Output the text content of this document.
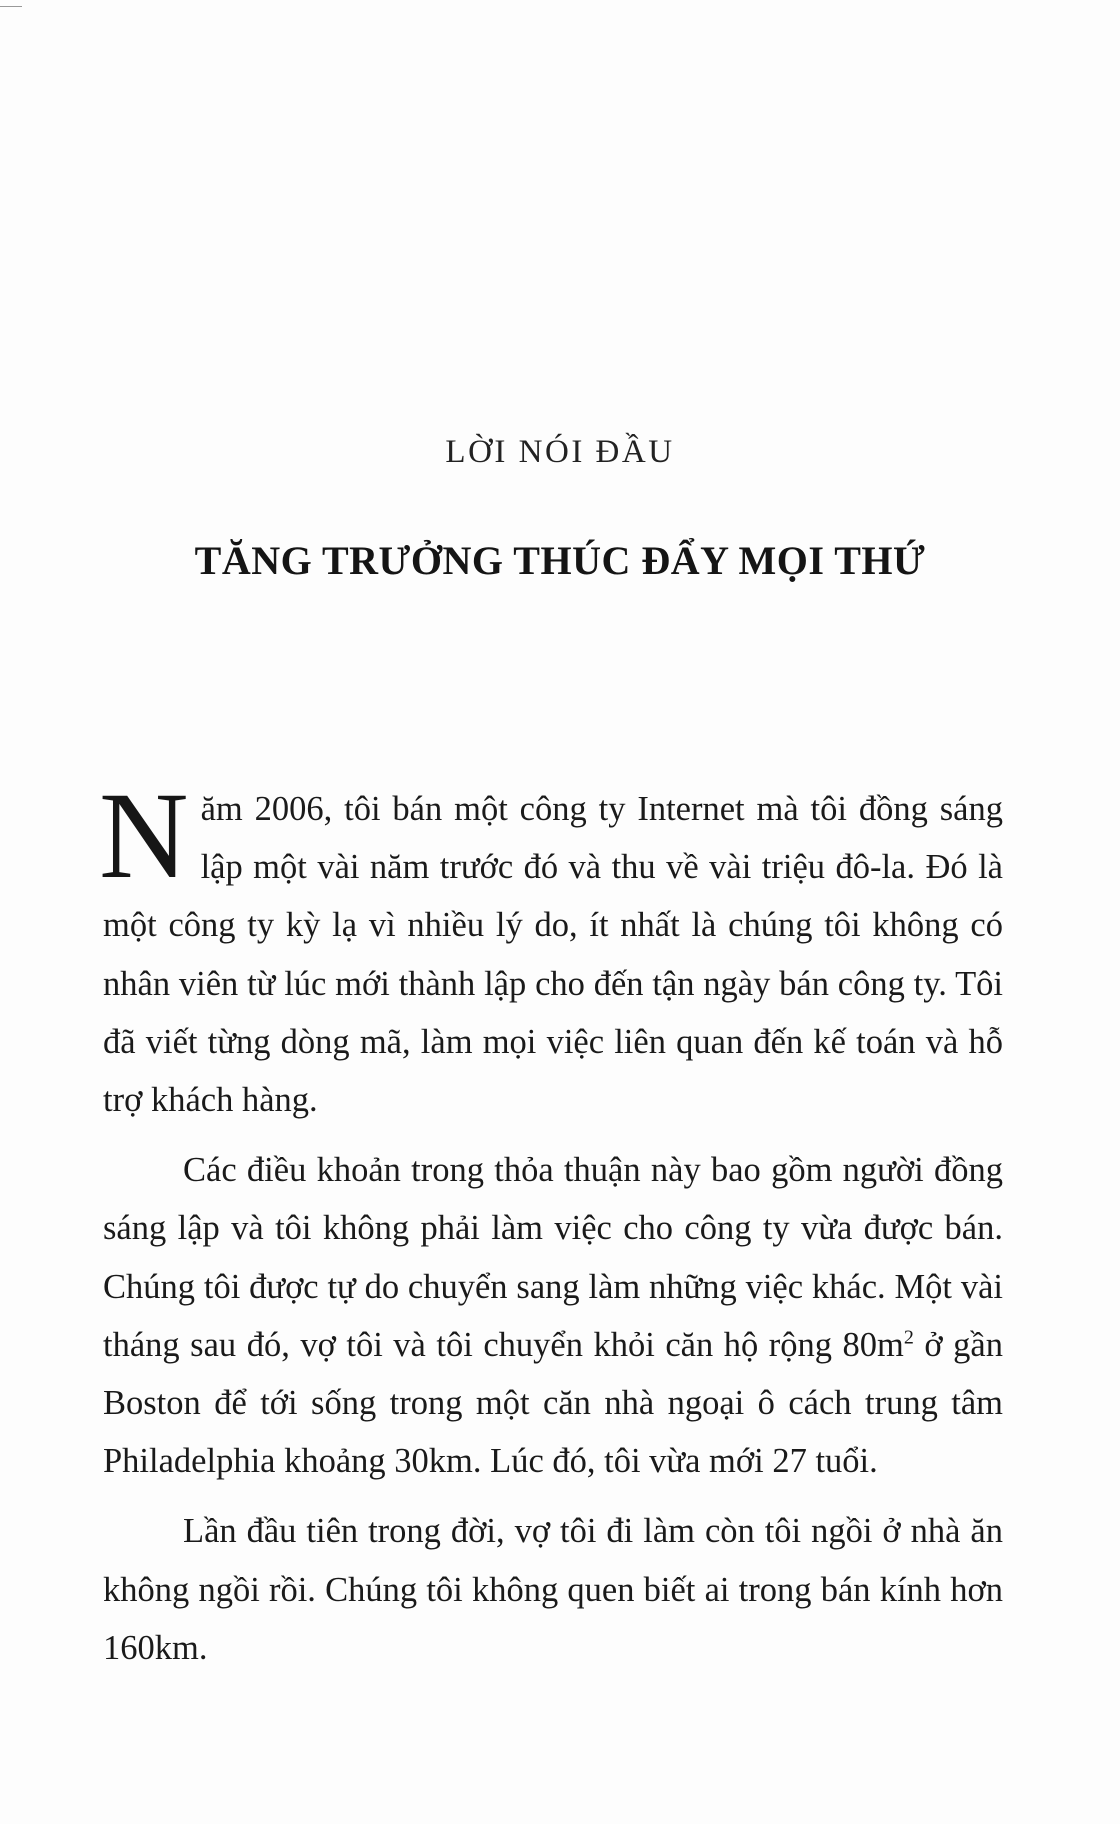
LỜI NÓI ĐẦU
TĂNG TRƯỞNG THÚC ĐẨY MỌI THỨ

Năm 2006, tôi bán một công ty Internet mà tôi đồng sáng lập một vài năm trước đó và thu về vài triệu đô-la. Đó là một công ty kỳ lạ vì nhiều lý do, ít nhất là chúng tôi không có nhân viên từ lúc mới thành lập cho đến tận ngày bán công ty. Tôi đã viết từng dòng mã, làm mọi việc liên quan đến kế toán và hỗ trợ khách hàng.

Các điều khoản trong thỏa thuận này bao gồm người đồng sáng lập và tôi không phải làm việc cho công ty vừa được bán. Chúng tôi được tự do chuyển sang làm những việc khác. Một vài tháng sau đó, vợ tôi và tôi chuyển khỏi căn hộ rộng $80m^2$ ở gần Boston để tới sống trong một căn nhà ngoại ô cách trung tâm Philadelphia khoảng 30km. Lúc đó, tôi vừa mới 27 tuổi.

Lần đầu tiên trong đời, vợ tôi đi làm còn tôi ngồi ở nhà ăn không ngồi rồi. Chúng tôi không quen biết ai trong bán kính hơn 160km.
